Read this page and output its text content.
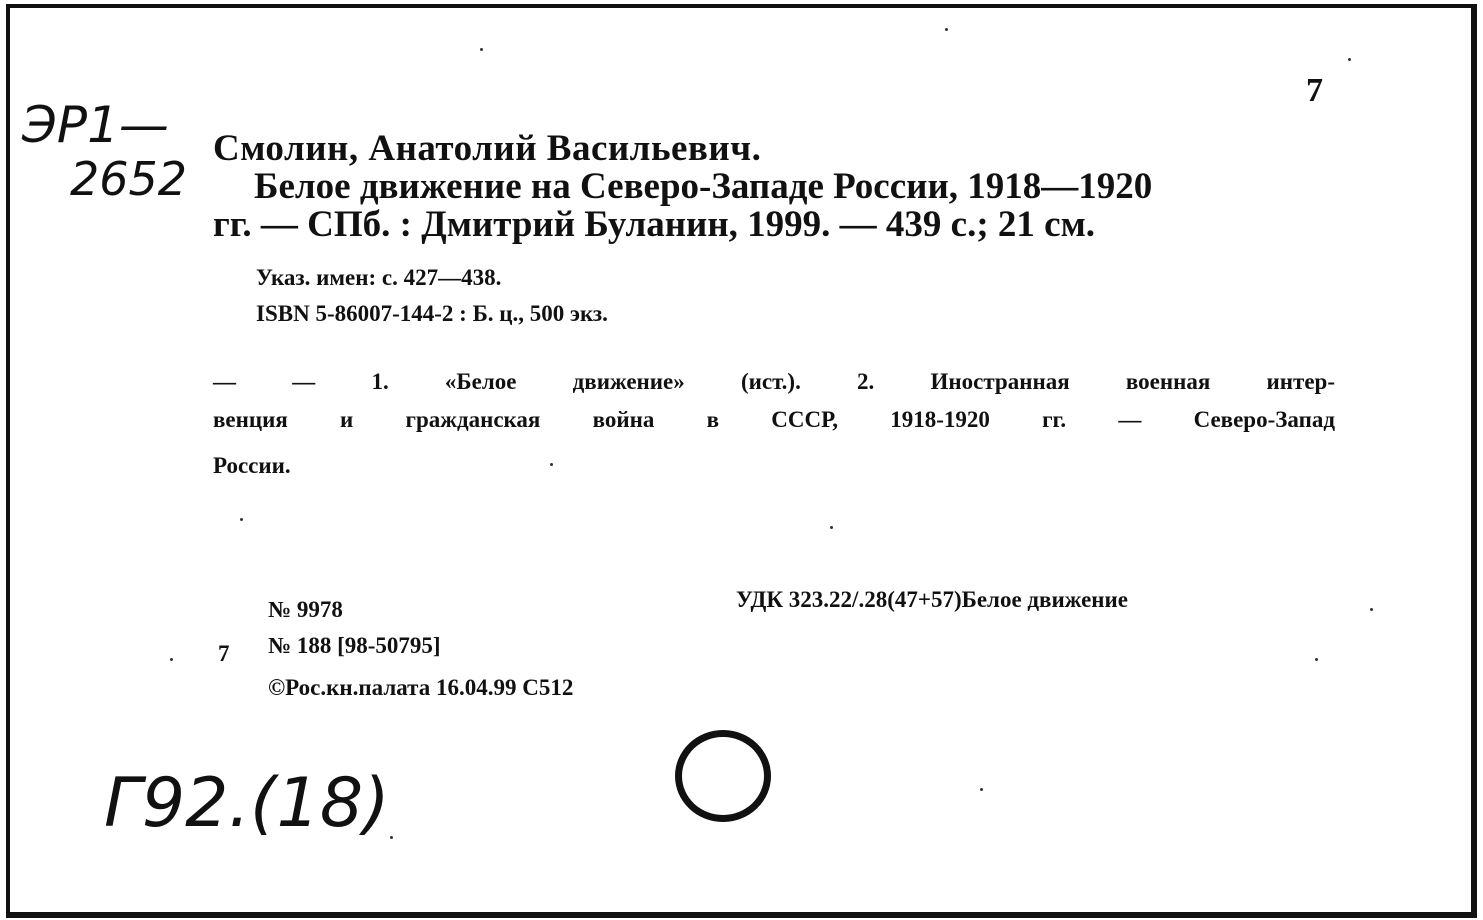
ЭР1—
2652
7
Смолин, Анатолий Васильевич.
Белое движение на Северо-Западе России, 1918—1920
гг. — СПб. : Дмитрий Буланин, 1999. — 439 с.; 21 см.
Указ. имен: с. 427—438.
ISBN 5-86007-144-2 : Б. ц., 500 экз.
— — 1. «Белое движение» (ист.). 2. Иностранная военная интер-
венция и гражданская война в СССР, 1918-1920 гг. — Северо-Запад
России.
№ 9978	УДК 323.22/.28(47+57)Белое движение
7 № 188 [98-50795]
©Рос.кн.палата 16.04.99 С512
Г92.(18)
